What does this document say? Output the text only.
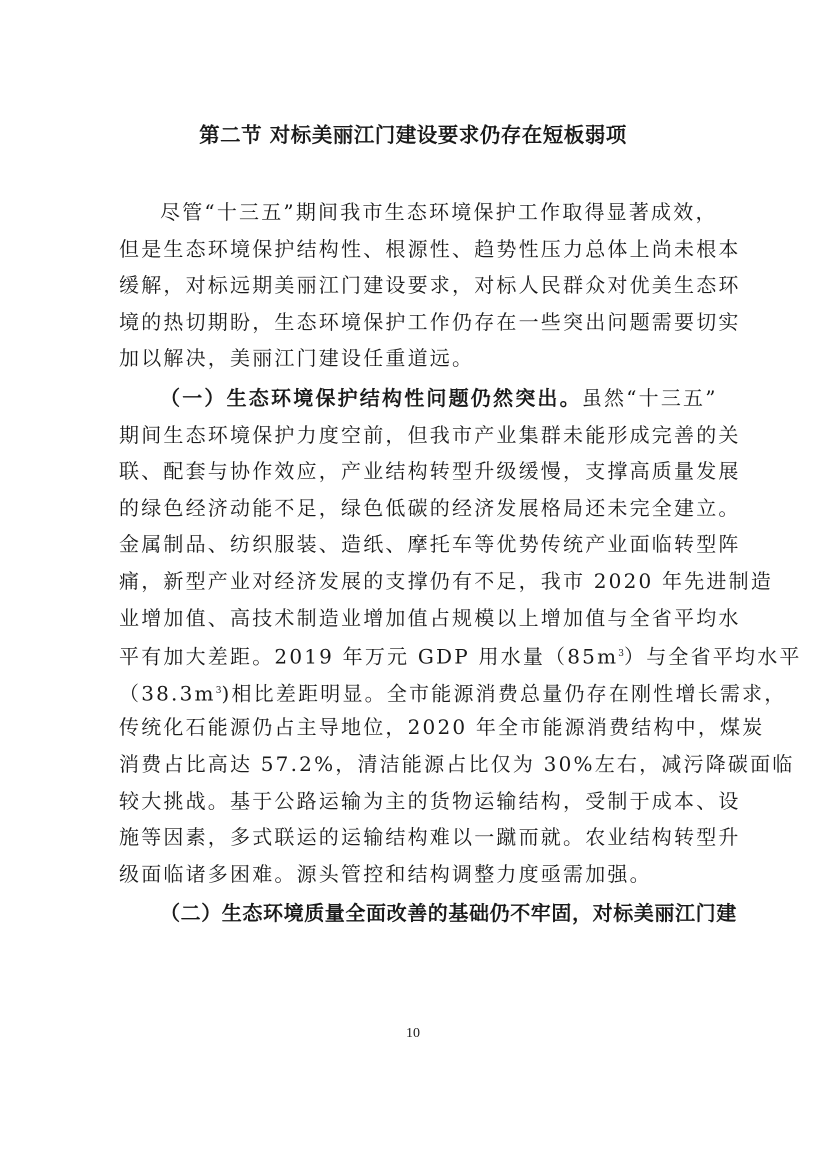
第二节 对标美丽江门建设要求仍存在短板弱项
尽管“十三五”期间我市生态环境保护工作取得显著成效，
但是生态环境保护结构性、根源性、趋势性压力总体上尚未根本
缓解，对标远期美丽江门建设要求，对标人民群众对优美生态环
境的热切期盼，生态环境保护工作仍存在一些突出问题需要切实
加以解决，美丽江门建设任重道远。
（一）生态环境保护结构性问题仍然突出。虽然“十三五”
期间生态环境保护力度空前，但我市产业集群未能形成完善的关
联、配套与协作效应，产业结构转型升级缓慢，支撑高质量发展
的绿色经济动能不足，绿色低碳的经济发展格局还未完全建立。
金属制品、纺织服装、造纸、摩托车等优势传统产业面临转型阵
痛，新型产业对经济发展的支撑仍有不足，我市 2020 年先进制造
业增加值、高技术制造业增加值占规模以上增加值与全省平均水
平有加大差距。2019 年万元 GDP 用水量$(85m^3)$与全省平均水平
$(38.3m^3)$相比差距明显。全市能源消费总量仍存在刚性增长需求，
传统化石能源仍占主导地位，2020 年全市能源消费结构中，煤炭
消费占比高达 57.2%，清洁能源占比仅为 30%左右，减污降碳面临
较大挑战。基于公路运输为主的货物运输结构，受制于成本、设
施等因素，多式联运的运输结构难以一蹴而就。农业结构转型升
级面临诸多困难。源头管控和结构调整力度亟需加强。
（二）生态环境质量全面改善的基础仍不牢固，对标美丽江门建
10
